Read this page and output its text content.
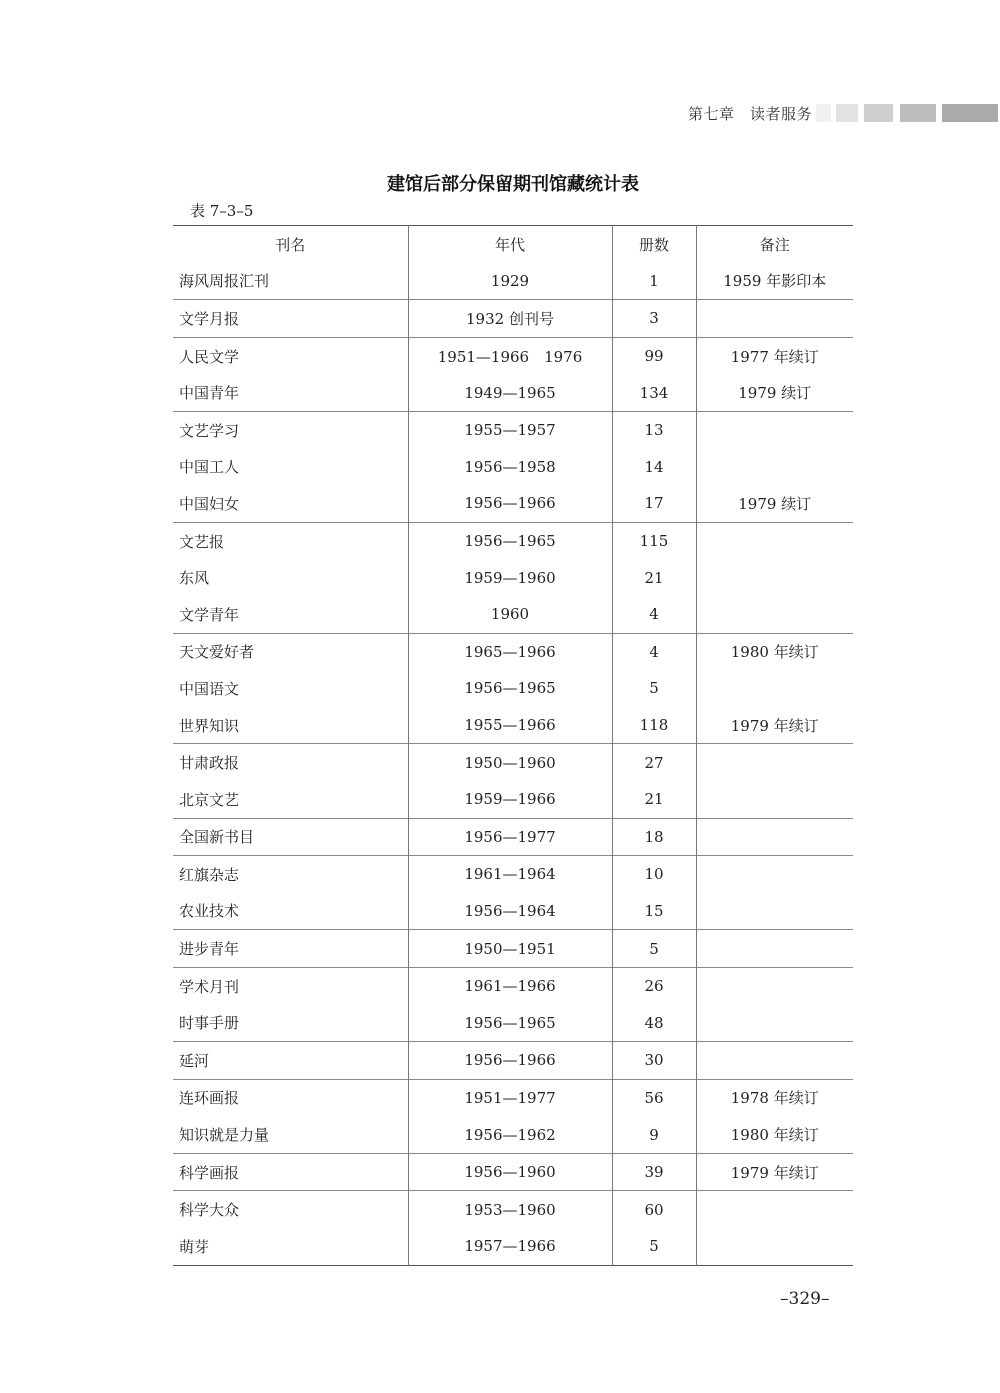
第七章　读者服务
建馆后部分保留期刊馆藏统计表
表 7–3–5
刊名	年代	册数	备注
海风周报汇刊	1929	1	1959 年影印本
文学月报	1932 创刊号	3	
人民文学	1951—1966　1976	99	1977 年续订
中国青年	1949—1965	134	1979 续订
文艺学习	1955—1957	13	
中国工人	1956—1958	14	
中国妇女	1956—1966	17	1979 续订
文艺报	1956—1965	115	
东风	1959—1960	21	
文学青年	1960	4	
天文爱好者	1965—1966	4	1980 年续订
中国语文	1956—1965	5	
世界知识	1955—1966	118	1979 年续订
甘肃政报	1950—1960	27	
北京文艺	1959—1966	21	
全国新书目	1956—1977	18	
红旗杂志	1961—1964	10	
农业技术	1956—1964	15	
进步青年	1950—1951	5	
学术月刊	1961—1966	26	
时事手册	1956—1965	48	
延河	1956—1966	30	
连环画报	1951—1977	56	1978 年续订
知识就是力量	1956—1962	9	1980 年续订
科学画报	1956—1960	39	1979 年续订
科学大众	1953—1960	60	
萌芽	1957—1966	5	
–329–
